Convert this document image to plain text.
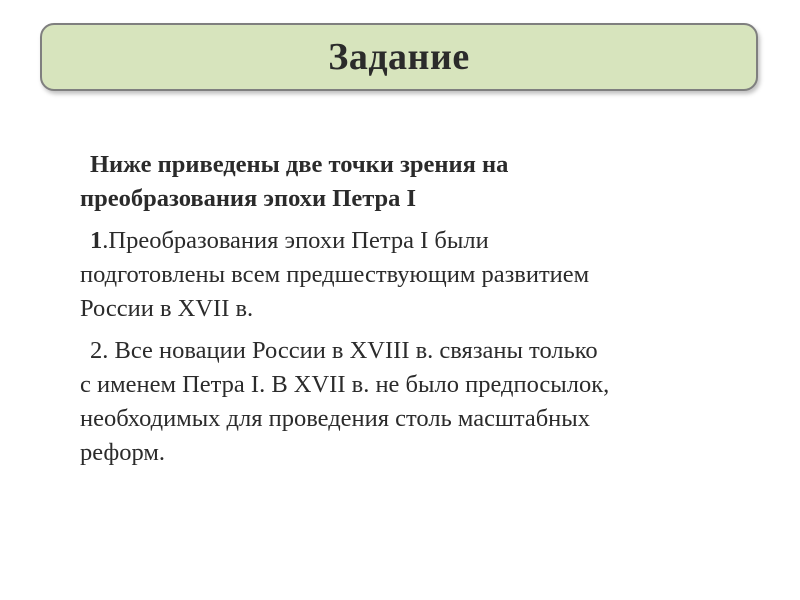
Задание
Ниже приведены две точки зрения на
преобразования эпохи Петра I
1.Преобразования эпохи Петра I были
подготовлены всем предшествующим развитием
России в XVII в.
2. Все новации России в XVIII в. связаны только
с именем Петра I. В XVII в. не было предпосылок,
необходимых для проведения столь масштабных
реформ.
